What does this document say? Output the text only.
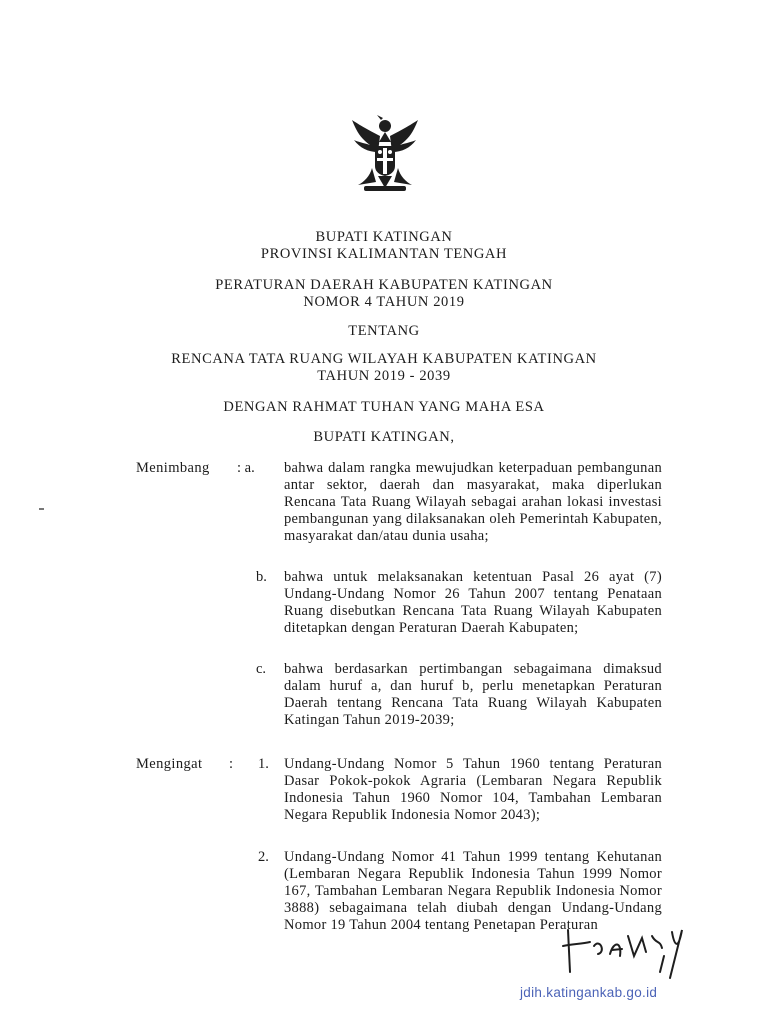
BUPATI KATINGAN
PROVINSI KALIMANTAN TENGAH
PERATURAN DAERAH KABUPATEN KATINGAN
NOMOR 4 TAHUN 2019
TENTANG
RENCANA TATA RUANG WILAYAH KABUPATEN KATINGAN
TAHUN 2019 - 2039
DENGAN RAHMAT TUHAN YANG MAHA ESA
BUPATI KATINGAN,
Menimbang : a. bahwa dalam rangka mewujudkan keterpaduan pembangunan antar sektor, daerah dan masyarakat, maka diperlukan Rencana Tata Ruang Wilayah sebagai arahan lokasi investasi pembangunan yang dilaksanakan oleh Pemerintah Kabupaten, masyarakat dan/atau dunia usaha;
b. bahwa untuk melaksanakan ketentuan Pasal 26 ayat (7) Undang-Undang Nomor 26 Tahun 2007 tentang Penataan Ruang disebutkan Rencana Tata Ruang Wilayah Kabupaten ditetapkan dengan Peraturan Daerah Kabupaten;
c. bahwa berdasarkan pertimbangan sebagaimana dimaksud dalam huruf a, dan huruf b, perlu menetapkan Peraturan Daerah tentang Rencana Tata Ruang Wilayah Kabupaten Katingan Tahun 2019-2039;
Mengingat : 1. Undang-Undang Nomor 5 Tahun 1960 tentang Peraturan Dasar Pokok-pokok Agraria (Lembaran Negara Republik Indonesia Tahun 1960 Nomor 104, Tambahan Lembaran Negara Republik Indonesia Nomor 2043);
2. Undang-Undang Nomor 41 Tahun 1999 tentang Kehutanan (Lembaran Negara Republik Indonesia Tahun 1999 Nomor 167, Tambahan Lembaran Negara Republik Indonesia Nomor 3888) sebagaimana telah diubah dengan Undang-Undang Nomor 19 Tahun 2004 tentang Penetapan Peraturan
jdih.katingankab.go.id
